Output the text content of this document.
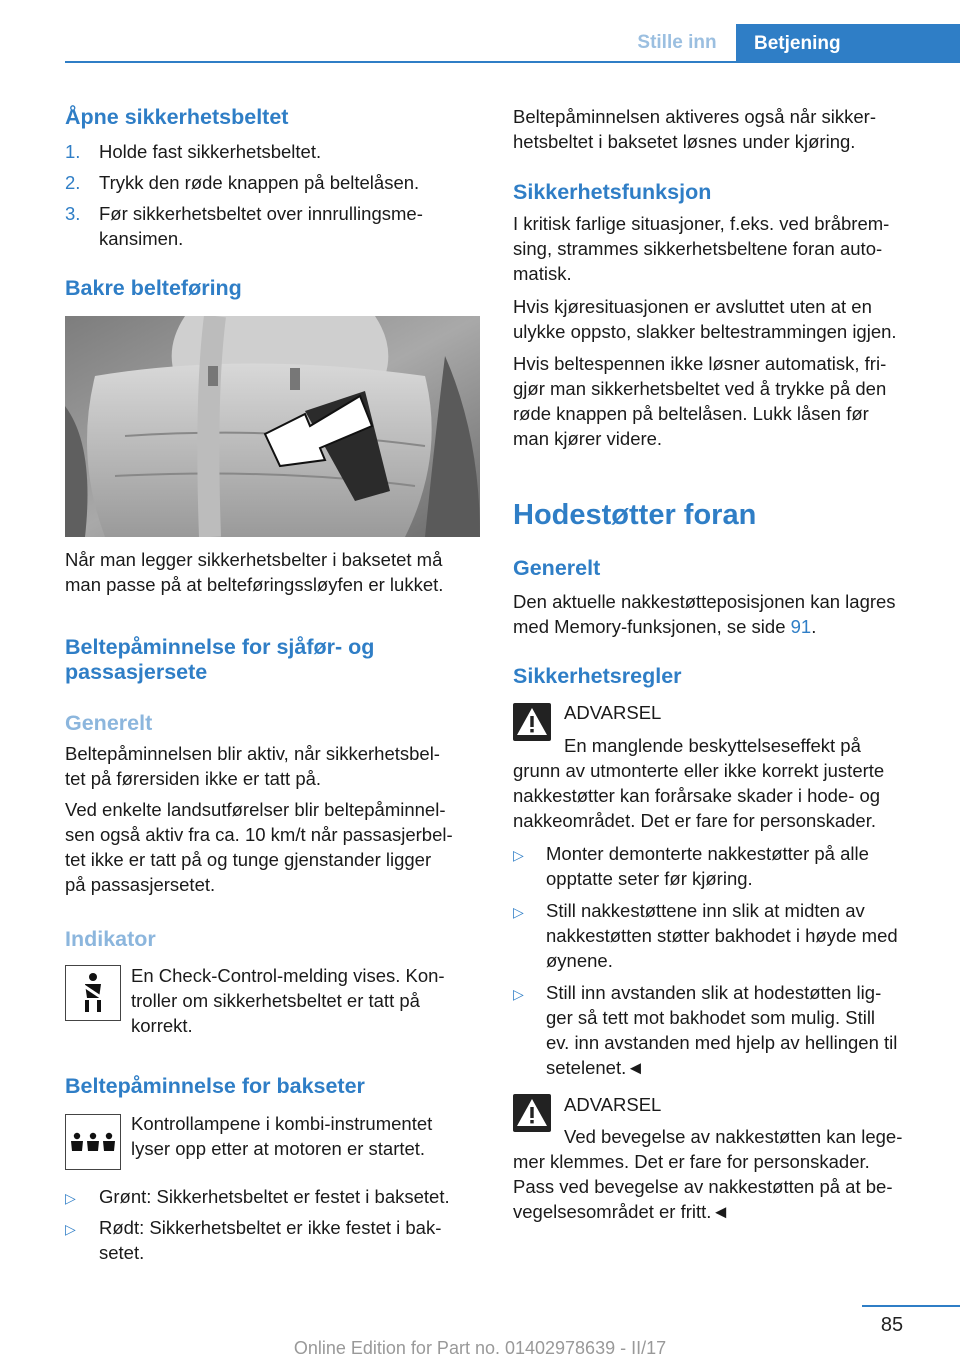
Stille inn	Betjening
Åpne sikkerhetsbeltet
1. Holde fast sikkerhetsbeltet.
2. Trykk den røde knappen på beltelåsen.
3. Før sikkerhetsbeltet over innrullingsme‐
kansimen.
Bakre belteføring
Når man legger sikkerhetsbelter i baksetet må
man passe på at belteføringssløyfen er lukket.
Beltepåminnelse for sjåfør- og
passasjersete
Generelt
Beltepåminnelsen blir aktiv, når sikkerhetsbel‐
tet på førersiden ikke er tatt på.
Ved enkelte landsutførelser blir beltepåminnel‐
sen også aktiv fra ca. 10 km/t når passasjerbel‐
tet ikke er tatt på og tunge gjenstander ligger
på passasjersetet.
Indikator
En Check-Control-melding vises. Kon‐
troller om sikkerhetsbeltet er tatt på
korrekt.
Beltepåminnelse for bakseter
Kontrollampene i kombi-instrumentet
lyser opp etter at motoren er startet.
▷ Grønt: Sikkerhetsbeltet er festet i baksetet.
▷ Rødt: Sikkerhetsbeltet er ikke festet i bak‐
setet.
Beltepåminnelsen aktiveres også når sikker‐
hetsbeltet i baksetet løsnes under kjøring.
Sikkerhetsfunksjon
I kritisk farlige situasjoner, f.eks. ved bråbrem‐
sing, strammes sikkerhetsbeltene foran auto‐
matisk.
Hvis kjøresituasjonen er avsluttet uten at en
ulykke oppsto, slakker beltestrammingen igjen.
Hvis beltespennen ikke løsner automatisk, fri‐
gjør man sikkerhetsbeltet ved å trykke på den
røde knappen på beltelåsen. Lukk låsen før
man kjører videre.
Hodestøtter foran
Generelt
Den aktuelle nakkestøtteposisjonen kan lagres
med Memory-funksjonen, se side 91.
Sikkerhetsregler
ADVARSEL
En manglende beskyttelseseffekt på
grunn av utmonterte eller ikke korrekt justerte
nakkestøtter kan forårsake skader i hode- og
nakkeområdet. Det er fare for personskader.
▷ Monter demonterte nakkestøtter på alle
opptatte seter før kjøring.
▷ Still nakkestøttene inn slik at midten av
nakkestøtten støtter bakhodet i høyde med
øynene.
▷ Still inn avstanden slik at hodestøtten lig‐
ger så tett mot bakhodet som mulig. Still
ev. inn avstanden med hjelp av hellingen til
setelenet.◄
ADVARSEL
Ved bevegelse av nakkestøtten kan lege‐
mer klemmes. Det er fare for personskader.
Pass ved bevegelse av nakkestøtten på at be‐
vegelsesområdet er fritt.◄
85
Online Edition for Part no. 01402978639 - II/17
